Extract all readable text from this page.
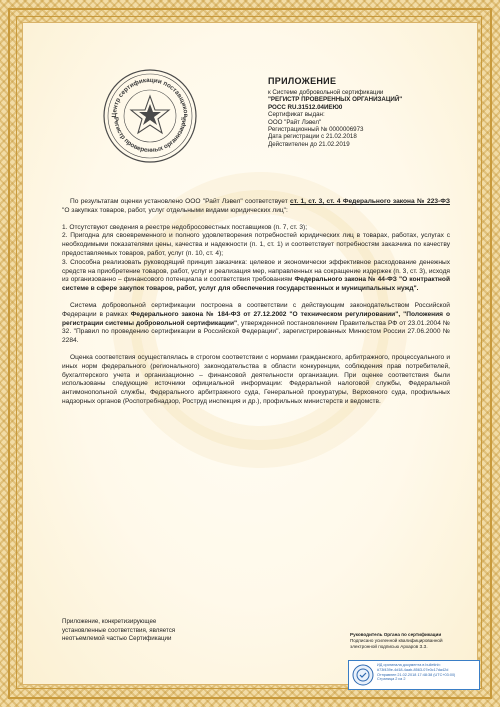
Центр сертификации поставщиков
Регистр проверенных организаций
ПРИЛОЖЕНИЕ
к Системе добровольной сертификации
"РЕГИСТР ПРОВЕРЕННЫХ ОРГАНИЗАЦИЙ"
РОСС RU.31512.04ИЕЮ0
Сертификат выдан:
ООО "Райт Лэвел"
Регистрационный № 0000006973
Дата регистрации с 21.02.2018
Действителен до 21.02.2019

По результатам оценки установлено ООО "Райт Лэвел" соответствует ст. 1, ст. 3, ст. 4 Федерального закона № 223-ФЗ "О закупках товаров, работ, услуг отдельными видами юридических лиц":

1. Отсутствуют сведения в реестре недобросовестных поставщиков (п. 7, ст. 3);

2. Пригодна для своевременного и полного удовлетворения потребностей юридических лиц в товарах, работах, услугах с необходимыми показателями цены, качества и надежности (п. 1, ст. 1) и соответствует потребностям заказчика по качеству предоставляемых товаров, работ, услуг (п. 10, ст. 4);

3. Способна реализовать руководящий принцип заказчика: целевое и экономически эффективное расходование денежных средств на приобретение товаров, работ, услуг и реализация мер, направленных на сокращение издержек (п. 3, ст. 3), исходя из организованно – финансового потенциала и соответствия требованиям Федерального закона № 44-ФЗ "О контрактной системе в сфере закупок товаров, работ, услуг для обеспечения государственных и муниципальных нужд".

Система добровольной сертификации построена в соответствии с действующим законодательством Российской Федерации в рамках Федерального закона № 184-ФЗ от 27.12.2002 "О техническом регулировании", "Положения о регистрации системы добровольной сертификации", утвержденной постановлением Правительства РФ от 23.01.2004 № 32. "Правил по проведению сертификации в Российской Федерации", зарегистрированных Минюстом России 27.06.2000 № 2284.

Оценка соответствия осуществлялась в строгом соответствии с нормами гражданского, арбитражного, процессуального и иных норм федерального (регионального) законодательства в области конкуренции, соблюдения прав потребителей, бухгалтерского учета и организационно – финансовой деятельности организации. При оценке соответствия были использованы следующие источники официальной информации: Федеральной налоговой службы, Федеральной антимонопольной службы, Федерального арбитражного суда, Генеральной прокуратуры, Верховного суда, профильных надзорных органов (Роспотребнадзор, Роструд инспекция и др.), профильных министерств и ведомств.

Приложение, конкретизирующее
установленные соответствия, является
неотъемлемой частью Сертификации
Руководитель Органа по сертификации
Подписано усиленной квалифицированной
электронной подписью Архаров З.З.
ИД оригинала документа в bulletinb:
#73f439e-4d18-4aab-8563-07e0c17da42d
Отправлен 21.02.2018 17:48:38 (UTC+03:00)
Страница 2 из 2
